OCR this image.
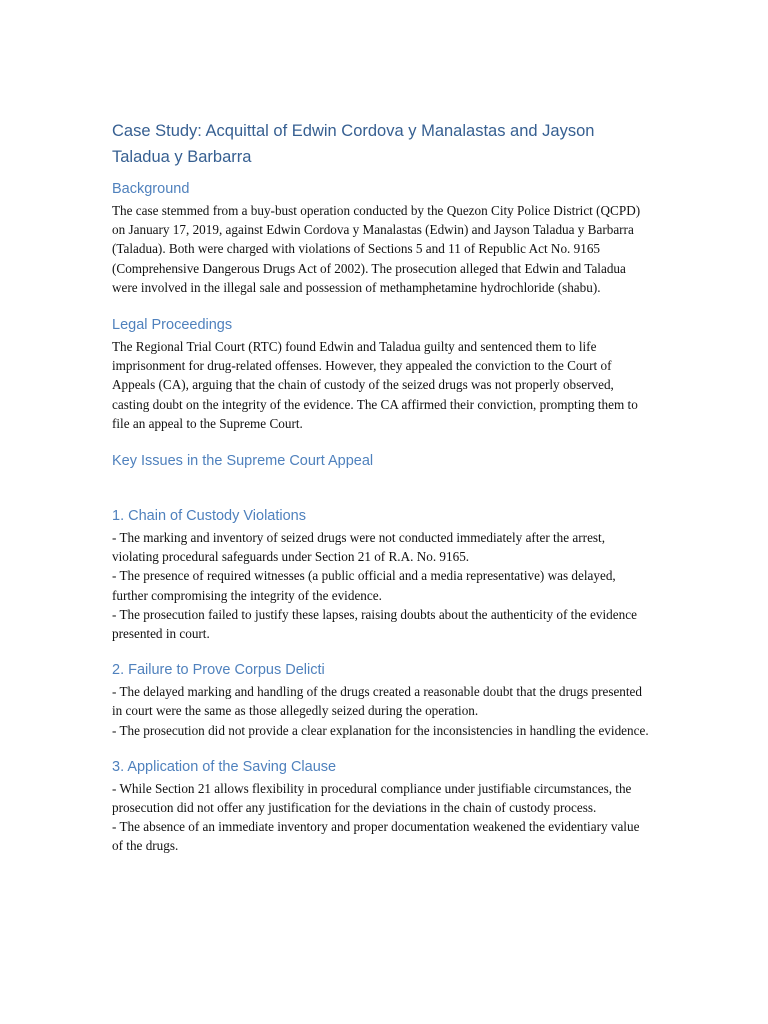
Case Study: Acquittal of Edwin Cordova y Manalastas and Jayson Taladua y Barbarra
Background

The case stemmed from a buy-bust operation conducted by the Quezon City Police District (QCPD) on January 17, 2019, against Edwin Cordova y Manalastas (Edwin) and Jayson Taladua y Barbarra (Taladua). Both were charged with violations of Sections 5 and 11 of Republic Act No. 9165 (Comprehensive Dangerous Drugs Act of 2002). The prosecution alleged that Edwin and Taladua were involved in the illegal sale and possession of methamphetamine hydrochloride (shabu).

Legal Proceedings

The Regional Trial Court (RTC) found Edwin and Taladua guilty and sentenced them to life imprisonment for drug-related offenses. However, they appealed the conviction to the Court of Appeals (CA), arguing that the chain of custody of the seized drugs was not properly observed, casting doubt on the integrity of the evidence. The CA affirmed their conviction, prompting them to file an appeal to the Supreme Court.

Key Issues in the Supreme Court Appeal
1. Chain of Custody Violations

- The marking and inventory of seized drugs were not conducted immediately after the arrest, violating procedural safeguards under Section 21 of R.A. No. 9165.

- The presence of required witnesses (a public official and a media representative) was delayed, further compromising the integrity of the evidence.

- The prosecution failed to justify these lapses, raising doubts about the authenticity of the evidence presented in court.

2. Failure to Prove Corpus Delicti

- The delayed marking and handling of the drugs created a reasonable doubt that the drugs presented in court were the same as those allegedly seized during the operation.

- The prosecution did not provide a clear explanation for the inconsistencies in handling the evidence.

3. Application of the Saving Clause

- While Section 21 allows flexibility in procedural compliance under justifiable circumstances, the prosecution did not offer any justification for the deviations in the chain of custody process.

- The absence of an immediate inventory and proper documentation weakened the evidentiary value of the drugs.
